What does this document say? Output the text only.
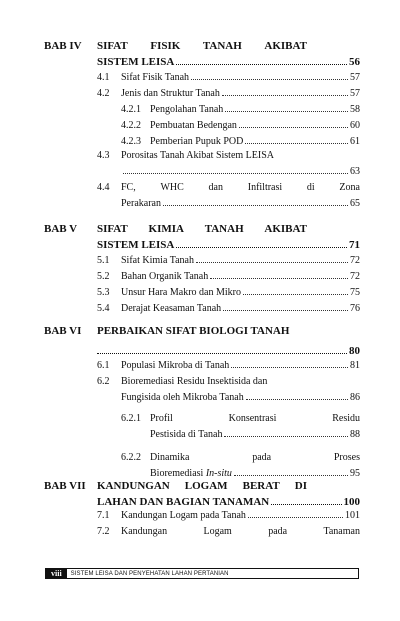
BAB IV SIFAT FISIK TANAH AKIBAT
SISTEM LEISA	56
4.1	Sifat Fisik Tanah	57
4.2	Jenis dan Struktur Tanah	57
4.2.1 Pengolahan Tanah	58
4.2.2 Pembuatan Bedengan	60
4.2.3 Pemberian Pupuk POD	61
4.3	Porositas Tanah Akibat Sistem LEISA
63
4.4	FC, WHC dan Infiltrasi di Zona
Perakaran	65
BAB V SIFAT KIMIA TANAH AKIBAT
SISTEM LEISA	71
5.1	Sifat Kimia Tanah	72
5.2	Bahan Organik Tanah	72
5.3	Unsur Hara Makro dan Mikro	75
5.4	Derajat Keasaman Tanah	76
BAB VI PERBAIKAN SIFAT BIOLOGI TANAH
80
6.1	Populasi Mikroba di Tanah	81
6.2	Bioremediasi Residu Insektisida dan
Fungisida oleh Mikroba Tanah	86
6.2.1 Profil	Konsentrasi	Residu
Pestisida di Tanah	88
6.2.2 Dinamika	pada	Proses
Bioremediasi
In-situ	95
BAB VII KANDUNGAN LOGAM BERAT DI
LAHAN DAN BAGIAN TANAMAN	100
7.1	Kandungan Logam pada Tanah	101
7.2	Kandungan	Logam	pada	Tanaman
viii	SISTEM LEISA DAN PENYEHATAN LAHAN PERTANIAN
